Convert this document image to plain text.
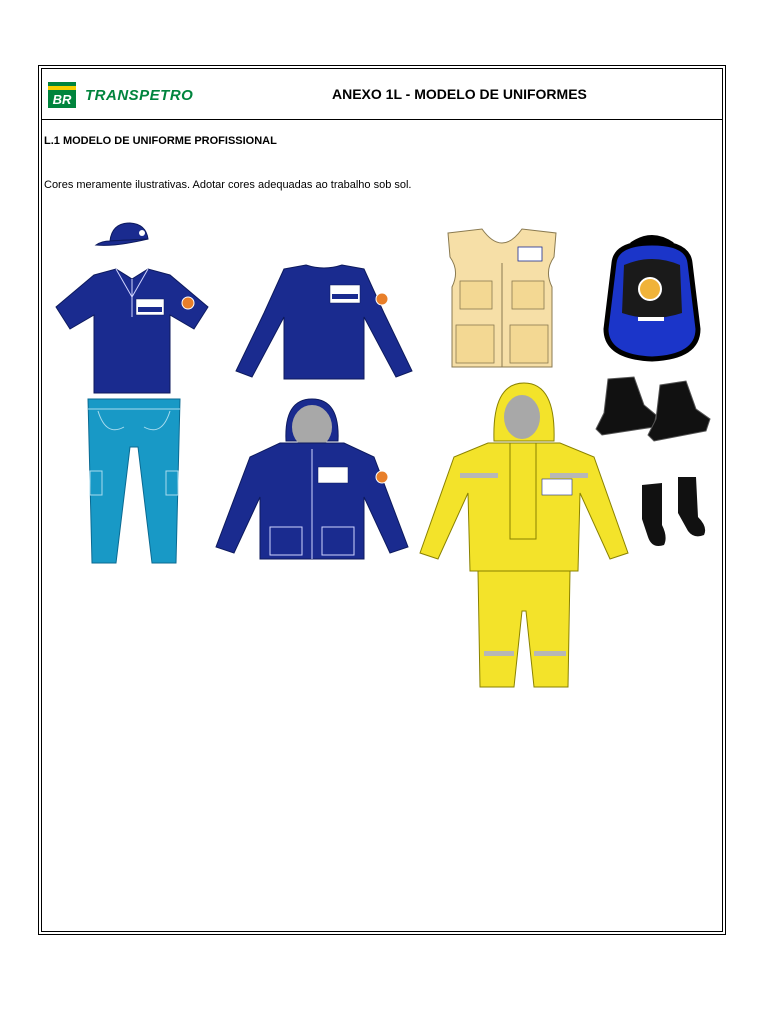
BR TRANSPETRO	ANEXO 1L - MODELO DE UNIFORMES
L.1 MODELO DE UNIFORME PROFISSIONAL
Cores meramente ilustrativas. Adotar cores adequadas ao trabalho sob sol.
